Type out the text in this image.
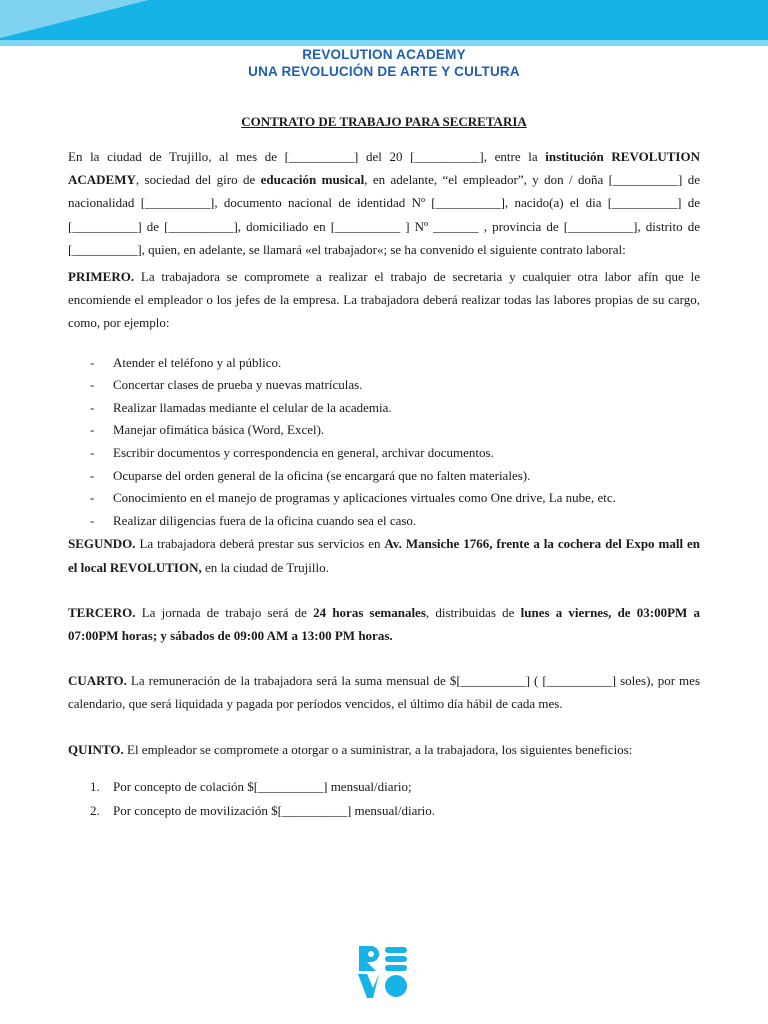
REVOLUTION ACADEMY
UNA REVOLUCIÓN DE ARTE Y CULTURA
CONTRATO DE TRABAJO PARA SECRETARIA

En la ciudad de Trujillo, al mes de [__________] del 20 [__________], entre la institución REVOLUTION ACADEMY, sociedad del giro de educación musical, en adelante, “el empleador”, y don / doña [__________] de nacionalidad [__________], documento nacional de identidad Nº [__________], nacido(a) el dia [__________] de [__________] de [__________], domiciliado en [__________ ] Nº _______ , provincia de [__________], distrito de [__________], quien, en adelante, se llamará «el trabajador«; se ha convenido el siguiente contrato laboral:

PRIMERO. La trabajadora se compromete a realizar el trabajo de secretaria y cualquier otra labor afín que le encomiende el empleador o los jefes de la empresa. La trabajadora deberá realizar todas las labores propias de su cargo, como, por ejemplo:

- Atender el teléfono y al público.
- Concertar clases de prueba y nuevas matrículas.
- Realizar llamadas mediante el celular de la academia.
- Manejar ofimática básica (Word, Excel).
- Escribir documentos y correspondencia en general, archivar documentos.
- Ocuparse del orden general de la oficina (se encargará que no falten materiales).
- Conocimiento en el manejo de programas y aplicaciones virtuales como One drive, La nube, etc.
- Realizar diligencias fuera de la oficina cuando sea el caso.

SEGUNDO. La trabajadora deberá prestar sus servicios en Av. Mansiche 1766, frente a la cochera del Expo mall en el local REVOLUTION, en la ciudad de Trujillo.

TERCERO. La jornada de trabajo será de 24 horas semanales, distribuidas de lunes a viernes, de 03:00PM a 07:00PM horas; y sábados de 09:00 AM a 13:00 PM horas.

CUARTO. La remuneración de la trabajadora será la suma mensual de $[__________] ( [__________] soles), por mes calendario, que será liquidada y pagada por períodos vencidos, el último día hábil de cada mes.

QUINTO. El empleador se compromete a otorgar o a suministrar, a la trabajadora, los siguientes beneficios:

1. Por concepto de colación $[__________] mensual/diario;
2. Por concepto de movilización $[__________] mensual/diario.
